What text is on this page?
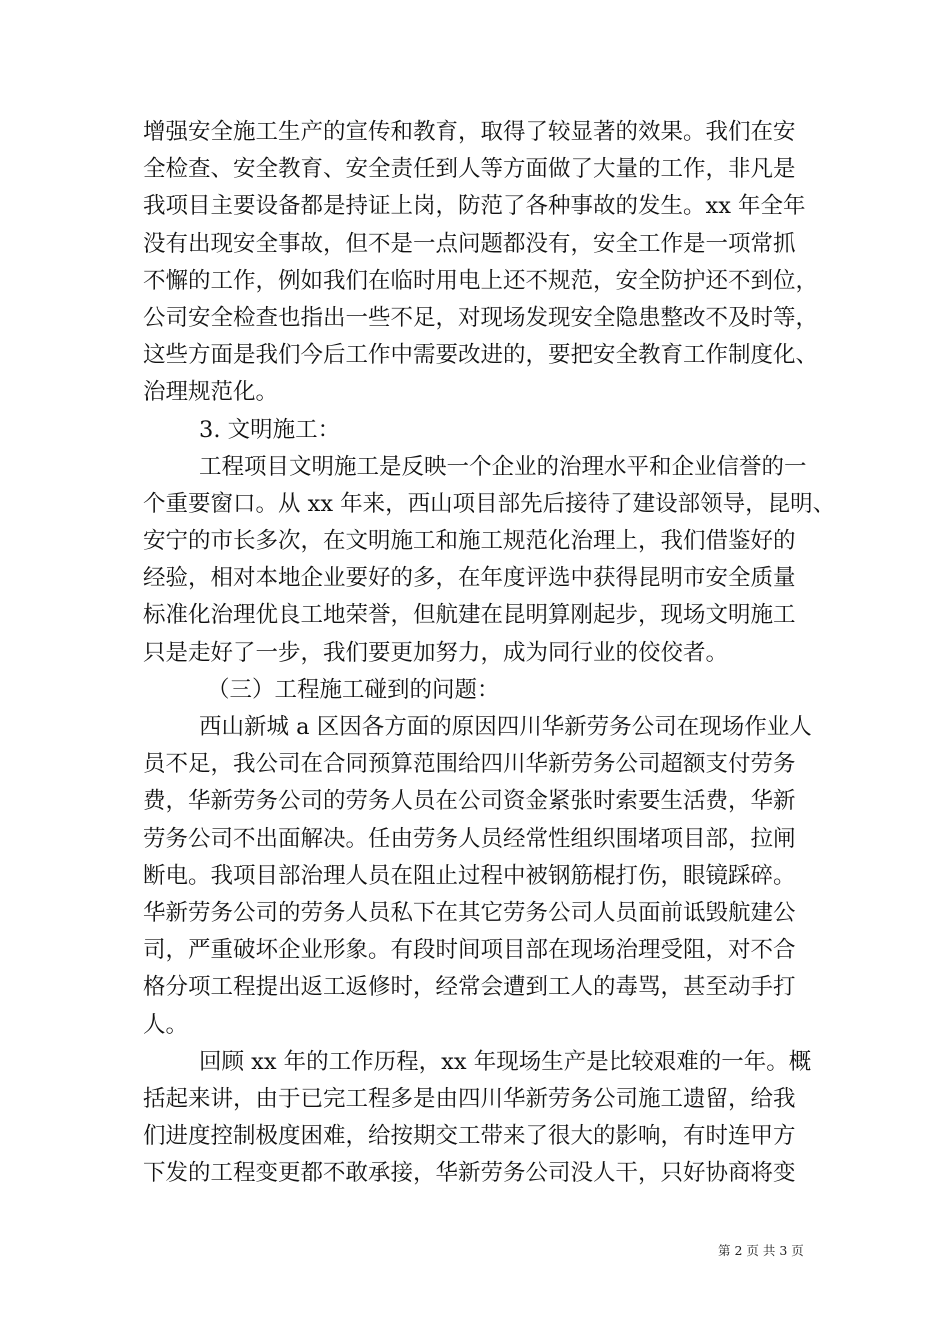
增强安全施工生产的宣传和教育，取得了较显著的效果。我们在安
全检查、安全教育、安全责任到人等方面做了大量的工作，非凡是
我项目主要设备都是持证上岗，防范了各种事故的发生。xx 年全年
没有出现安全事故，但不是一点问题都没有，安全工作是一项常抓
不懈的工作，例如我们在临时用电上还不规范，安全防护还不到位，
公司安全检查也指出一些不足，对现场发现安全隐患整改不及时等，
这些方面是我们今后工作中需要改进的，要把安全教育工作制度化、
治理规范化。
3. 文明施工：
工程项目文明施工是反映一个企业的治理水平和企业信誉的一
个重要窗口。从 xx 年来，西山项目部先后接待了建设部领导，昆明、
安宁的市长多次，在文明施工和施工规范化治理上，我们借鉴好的
经验，相对本地企业要好的多，在年度评选中获得昆明市安全质量
标准化治理优良工地荣誉，但航建在昆明算刚起步，现场文明施工
只是走好了一步，我们要更加努力，成为同行业的佼佼者。
（三）工程施工碰到的问题：
西山新城 a 区因各方面的原因四川华新劳务公司在现场作业人
员不足，我公司在合同预算范围给四川华新劳务公司超额支付劳务
费，华新劳务公司的劳务人员在公司资金紧张时索要生活费，华新
劳务公司不出面解决。任由劳务人员经常性组织围堵项目部，拉闸
断电。我项目部治理人员在阻止过程中被钢筋棍打伤，眼镜踩碎。
华新劳务公司的劳务人员私下在其它劳务公司人员面前诋毁航建公
司，严重破坏企业形象。有段时间项目部在现场治理受阻，对不合
格分项工程提出返工返修时，经常会遭到工人的毒骂，甚至动手打
人。
回顾 xx 年的工作历程，xx 年现场生产是比较艰难的一年。概
括起来讲，由于已完工程多是由四川华新劳务公司施工遗留，给我
们进度控制极度困难，给按期交工带来了很大的影响，有时连甲方
下发的工程变更都不敢承接，华新劳务公司没人干，只好协商将变
第 2 页 共 3 页
